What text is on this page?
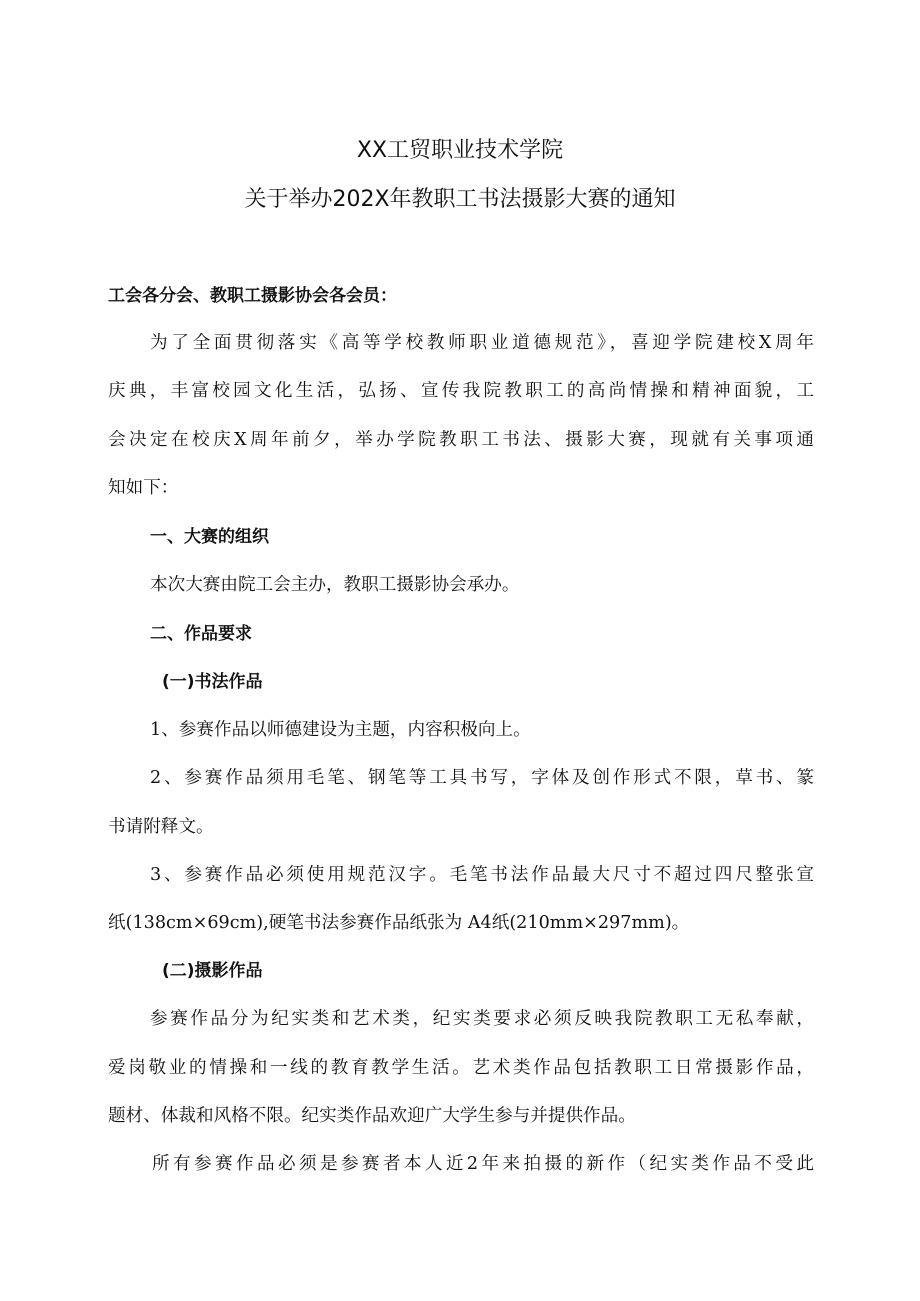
XX工贸职业技术学院
关于举办202X年教职工书法摄影大赛的通知

工会各分会、教职工摄影协会各会员：

为了全面贯彻落实《高等学校教师职业道德规范》，喜迎学院建校X周年

庆典，丰富校园文化生活，弘扬、宣传我院教职工的高尚情操和精神面貌，工

会决定在校庆X周年前夕，举办学院教职工书法、摄影大赛，现就有关事项通

知如下：

一、大赛的组织

本次大赛由院工会主办，教职工摄影协会承办。

二、作品要求

(一)书法作品

1、参赛作品以师德建设为主题，内容积极向上。

2、参赛作品须用毛笔、钢笔等工具书写，字体及创作形式不限，草书、篆

书请附释文。

3、参赛作品必须使用规范汉字。毛笔书法作品最大尺寸不超过四尺整张宣

纸(138cm×69cm),硬笔书法参赛作品纸张为 A4纸(210mm×297mm)。

(二)摄影作品

参赛作品分为纪实类和艺术类，纪实类要求必须反映我院教职工无私奉献，

爱岗敬业的情操和一线的教育教学生活。艺术类作品包括教职工日常摄影作品，

题材、体裁和风格不限。纪实类作品欢迎广大学生参与并提供作品。

所有参赛作品必须是参赛者本人近2年来拍摄的新作（纪实类作品不受此
